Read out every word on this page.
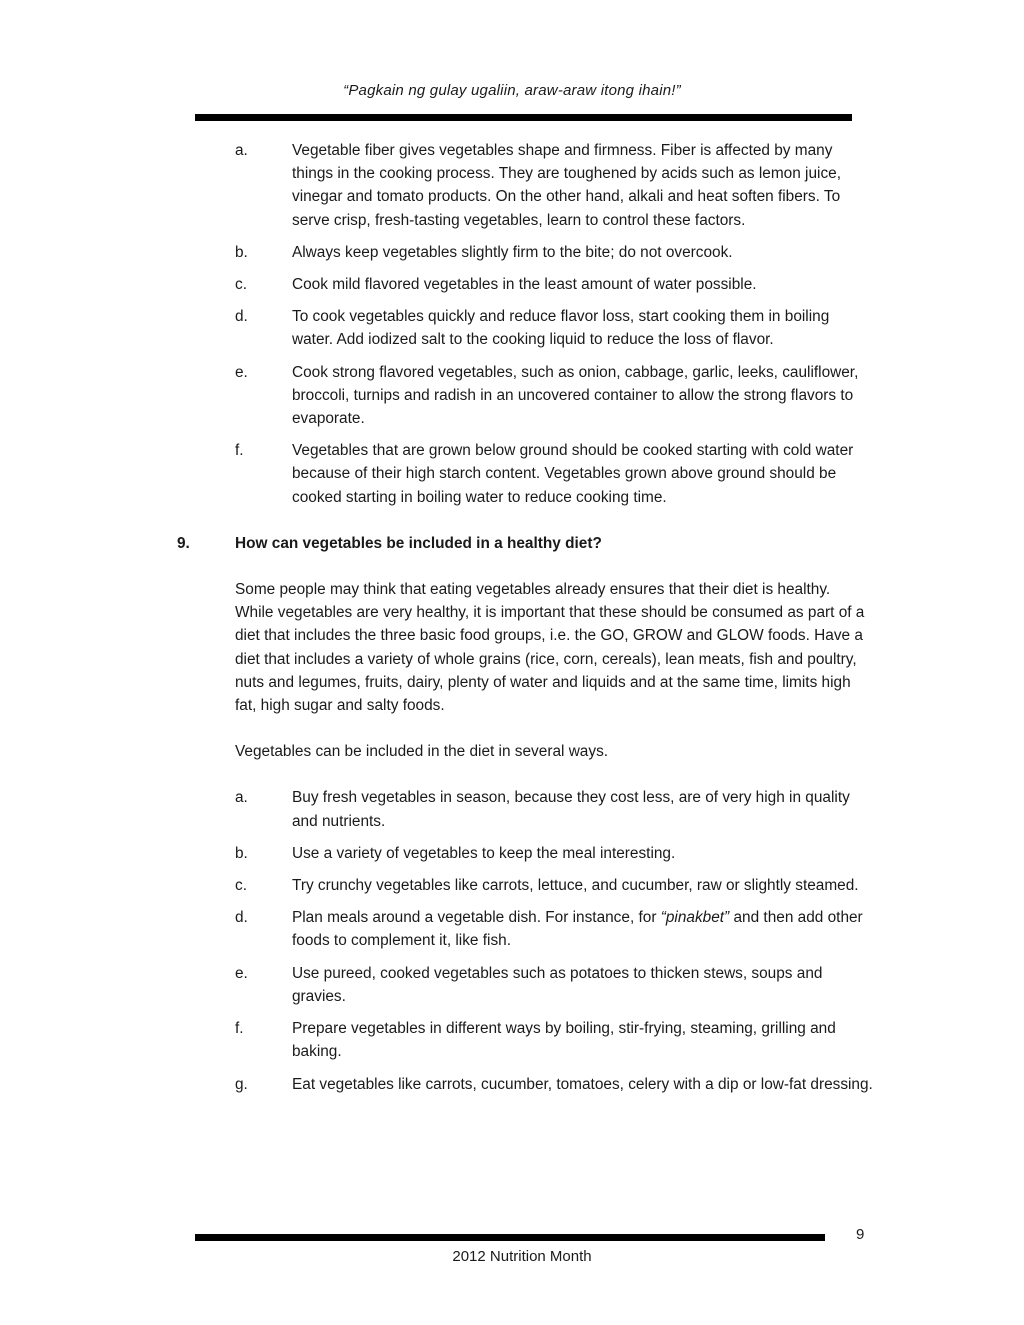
“Pagkain ng gulay ugaliin, araw-araw itong ihain!”
a.	Vegetable fiber gives vegetables shape and firmness. Fiber is affected by many things in the cooking process. They are toughened by acids such as lemon juice, vinegar and tomato products. On the other hand, alkali and heat soften fibers. To serve crisp, fresh-tasting vegetables, learn to control these factors.
b.	Always keep vegetables slightly firm to the bite; do not overcook.
c.	Cook mild flavored vegetables in the least amount of water possible.
d.	To cook vegetables quickly and reduce flavor loss, start cooking them in boiling water. Add iodized salt to the cooking liquid to reduce the loss of flavor.
e.	Cook strong flavored vegetables, such as onion, cabbage, garlic, leeks, cauliflower, broccoli, turnips and radish in an uncovered container to allow the strong flavors to evaporate.
f.	Vegetables that are grown below ground should be cooked starting with cold water because of their high starch content. Vegetables grown above ground should be cooked starting in boiling water to reduce cooking time.
9.	How can vegetables be included in a healthy diet?

Some people may think that eating vegetables already ensures that their diet is healthy. While vegetables are very healthy, it is important that these should be consumed as part of a diet that includes the three basic food groups, i.e. the GO, GROW and GLOW foods. Have a diet that includes a variety of whole grains (rice, corn, cereals), lean meats, fish and poultry, nuts and legumes, fruits, dairy, plenty of water and liquids and at the same time, limits high fat, high sugar and salty foods.

Vegetables can be included in the diet in several ways.

a.	Buy fresh vegetables in season, because they cost less, are of very high in quality and nutrients.
b.	Use a variety of vegetables to keep the meal interesting.
c.	Try crunchy vegetables like carrots, lettuce, and cucumber, raw or slightly steamed.
d.	Plan meals around a vegetable dish. For instance, for “pinakbet” and then add other foods to complement it, like fish.
e.	Use pureed, cooked vegetables such as potatoes to thicken stews, soups and gravies.
f.	Prepare vegetables in different ways by boiling, stir-frying, steaming, grilling and baking.
g.	Eat vegetables like carrots, cucumber, tomatoes, celery with a dip or low-fat dressing.
9
2012 Nutrition Month
